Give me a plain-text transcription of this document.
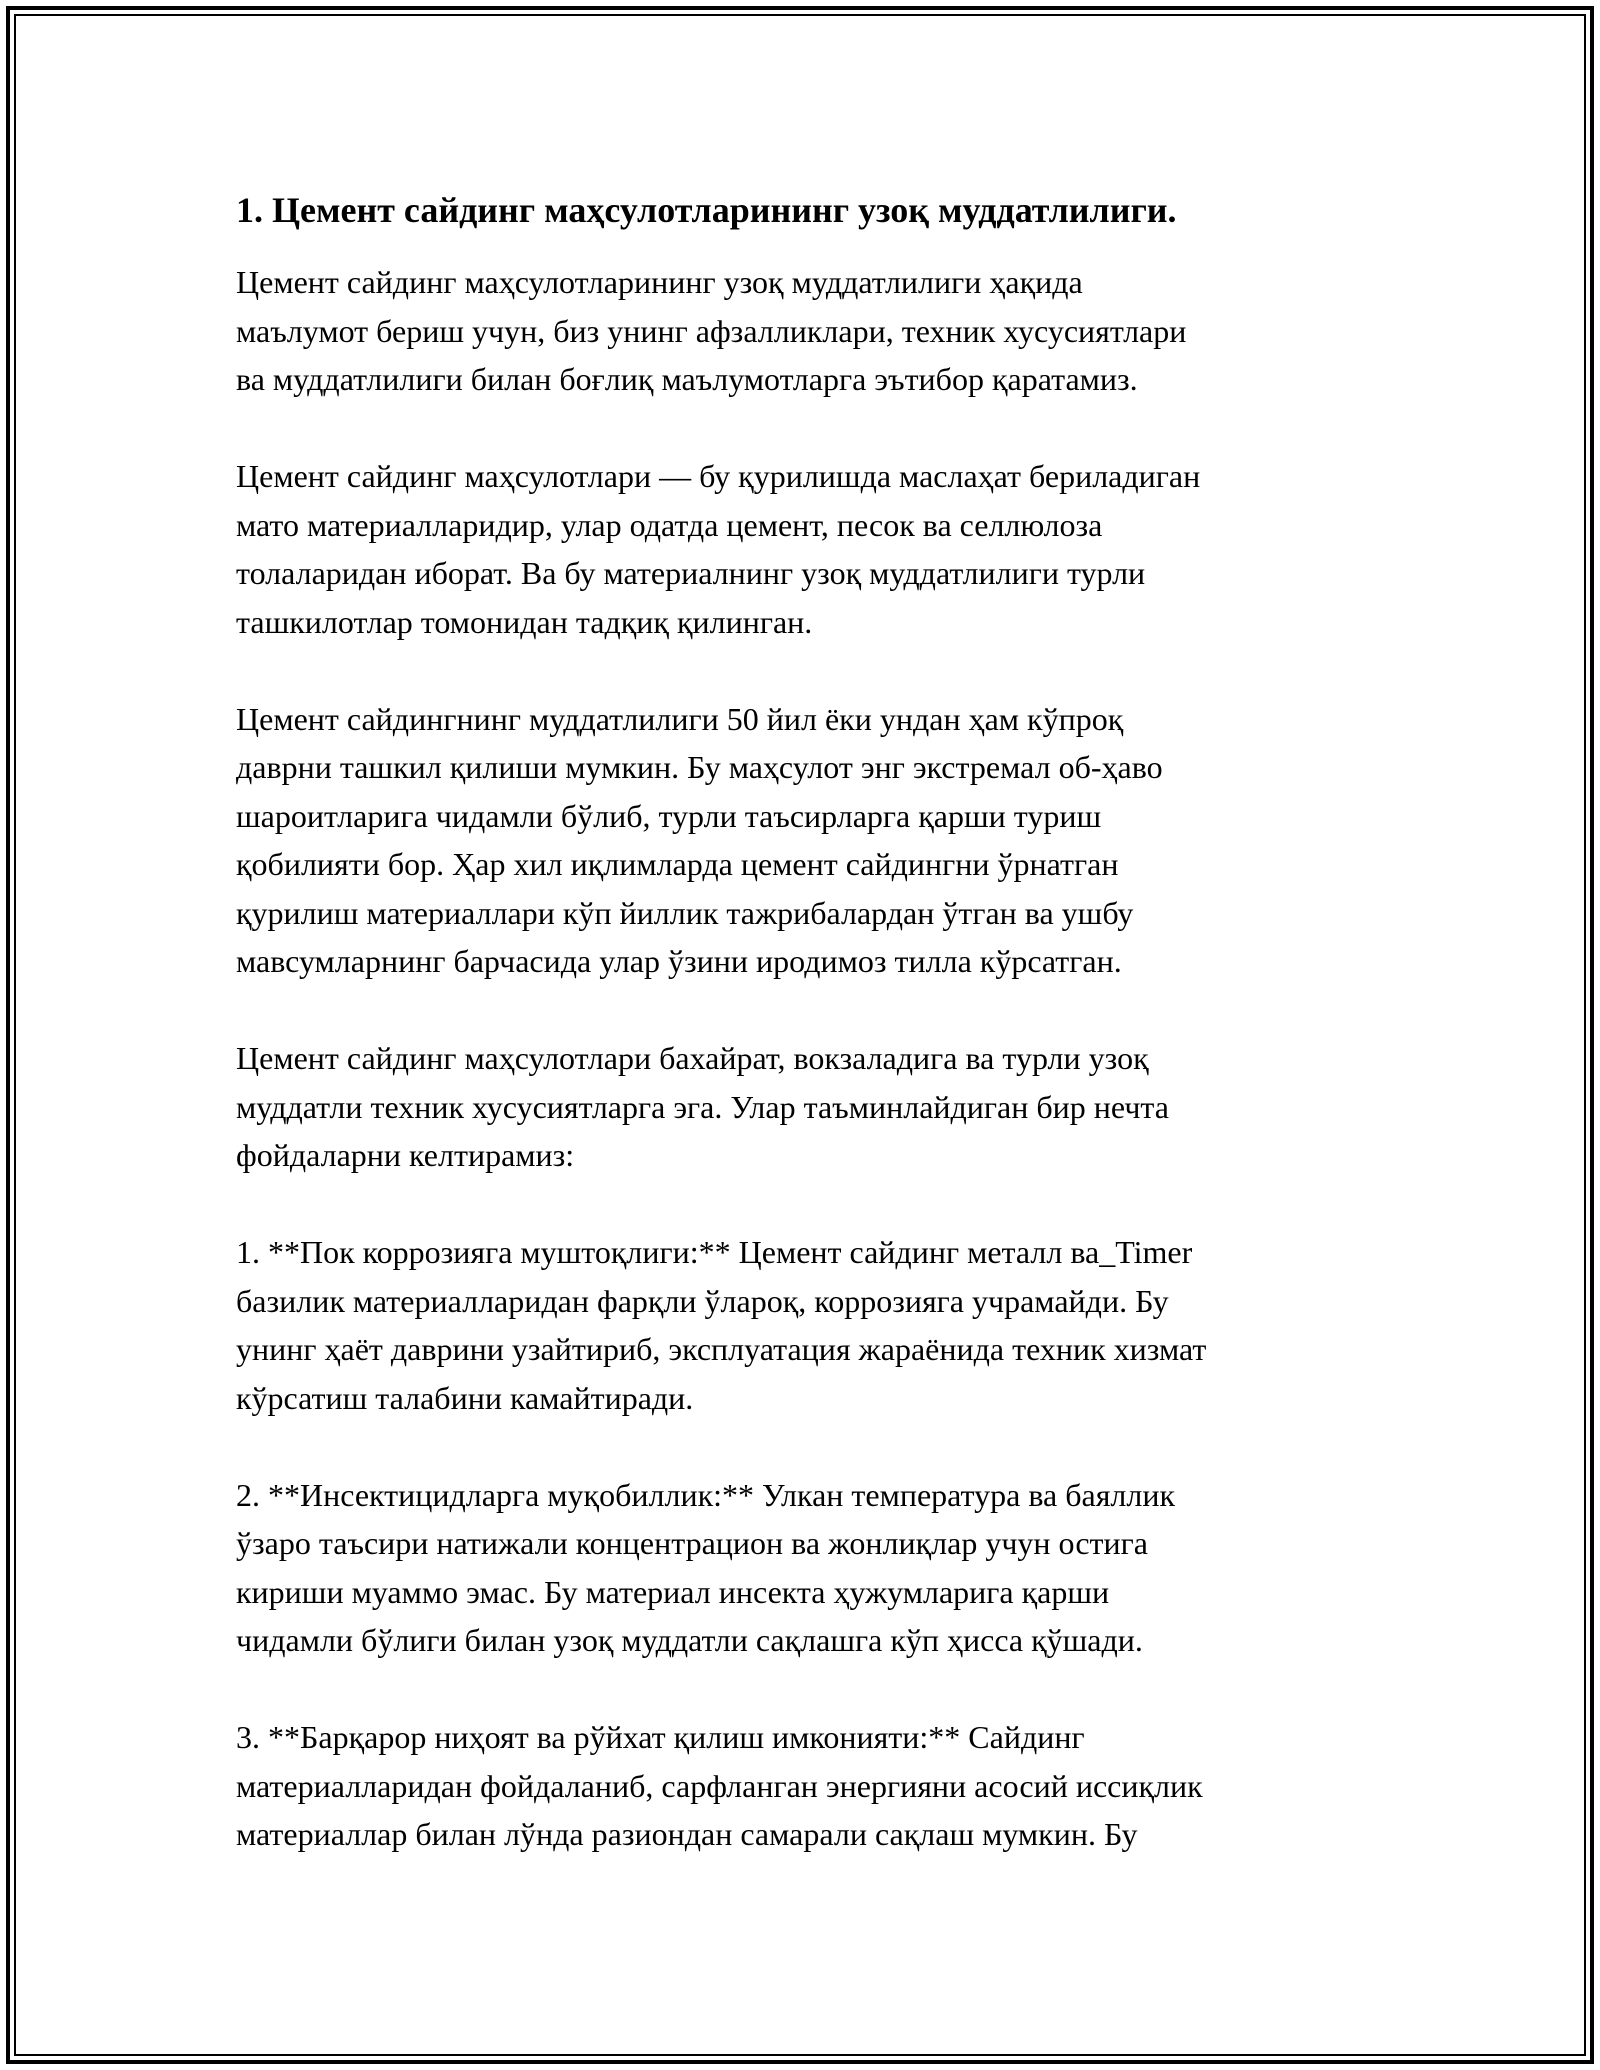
1. Цемент сайдинг маҳсулотларининг узоқ муддатлилиги.
Цемент сайдинг маҳсулотларининг узоқ муддатлилиги ҳақида
маълумот бериш учун, биз унинг афзалликлари, техник хусусиятлари
ва муддатлилиги билан боғлиқ маълумотларга эътибор қаратамиз.
Цемент сайдинг маҳсулотлари — бу қурилишда маслаҳат бериладиган
мато материалларидир, улар одатда цемент, песок ва селлюлоза
толаларидан иборат. Ва бу материалнинг узоқ муддатлилиги турли
ташкилотлар томонидан тадқиқ қилинган.
Цемент сайдингнинг муддатлилиги 50 йил ёки ундан ҳам кўпроқ
даврни ташкил қилиши мумкин. Бу маҳсулот энг экстремал об-ҳаво
шароитларига чидамли бўлиб, турли таъсирларга қарши туриш
қобилияти бор. Ҳар хил иқлимларда цемент сайдингни ўрнатган
қурилиш материаллари кўп йиллик тажрибалардан ўтган ва ушбу
мавсумларнинг барчасида улар ўзини иродимоз тилла кўрсатган.
Цемент сайдинг маҳсулотлари бахайрат, вокзаладига ва турли узоқ
муддатли техник хусусиятларга эга. Улар таъминлайдиган бир нечта
фойдаларни келтирамиз:
1. **Пок коррозияга муштоқлиги:** Цемент сайдинг металл ва_Timer
базилик материалларидан фарқли ўлароқ, коррозияга учрамайди. Бу
унинг ҳаёт даврини узайтириб, эксплуатация жараёнида техник хизмат
кўрсатиш талабини камайтиради.
2. **Инсектицидларга муқобиллик:** Улкан температура ва баяллик
ўзаро таъсири натижали концентрацион ва жонлиқлар учун остига
кириши муаммо эмас. Бу материал инсекта ҳужумларига қарши
чидамли бўлиги билан узоқ муддатли сақлашга кўп ҳисса қўшади.
3. **Барқарор ниҳоят ва рўйхат қилиш имконияти:** Сайдинг
материалларидан фойдаланиб, сарфланган энергияни асосий иссиқлик
материаллар билан лўнда разиондан самарали сақлаш мумкин. Бу
